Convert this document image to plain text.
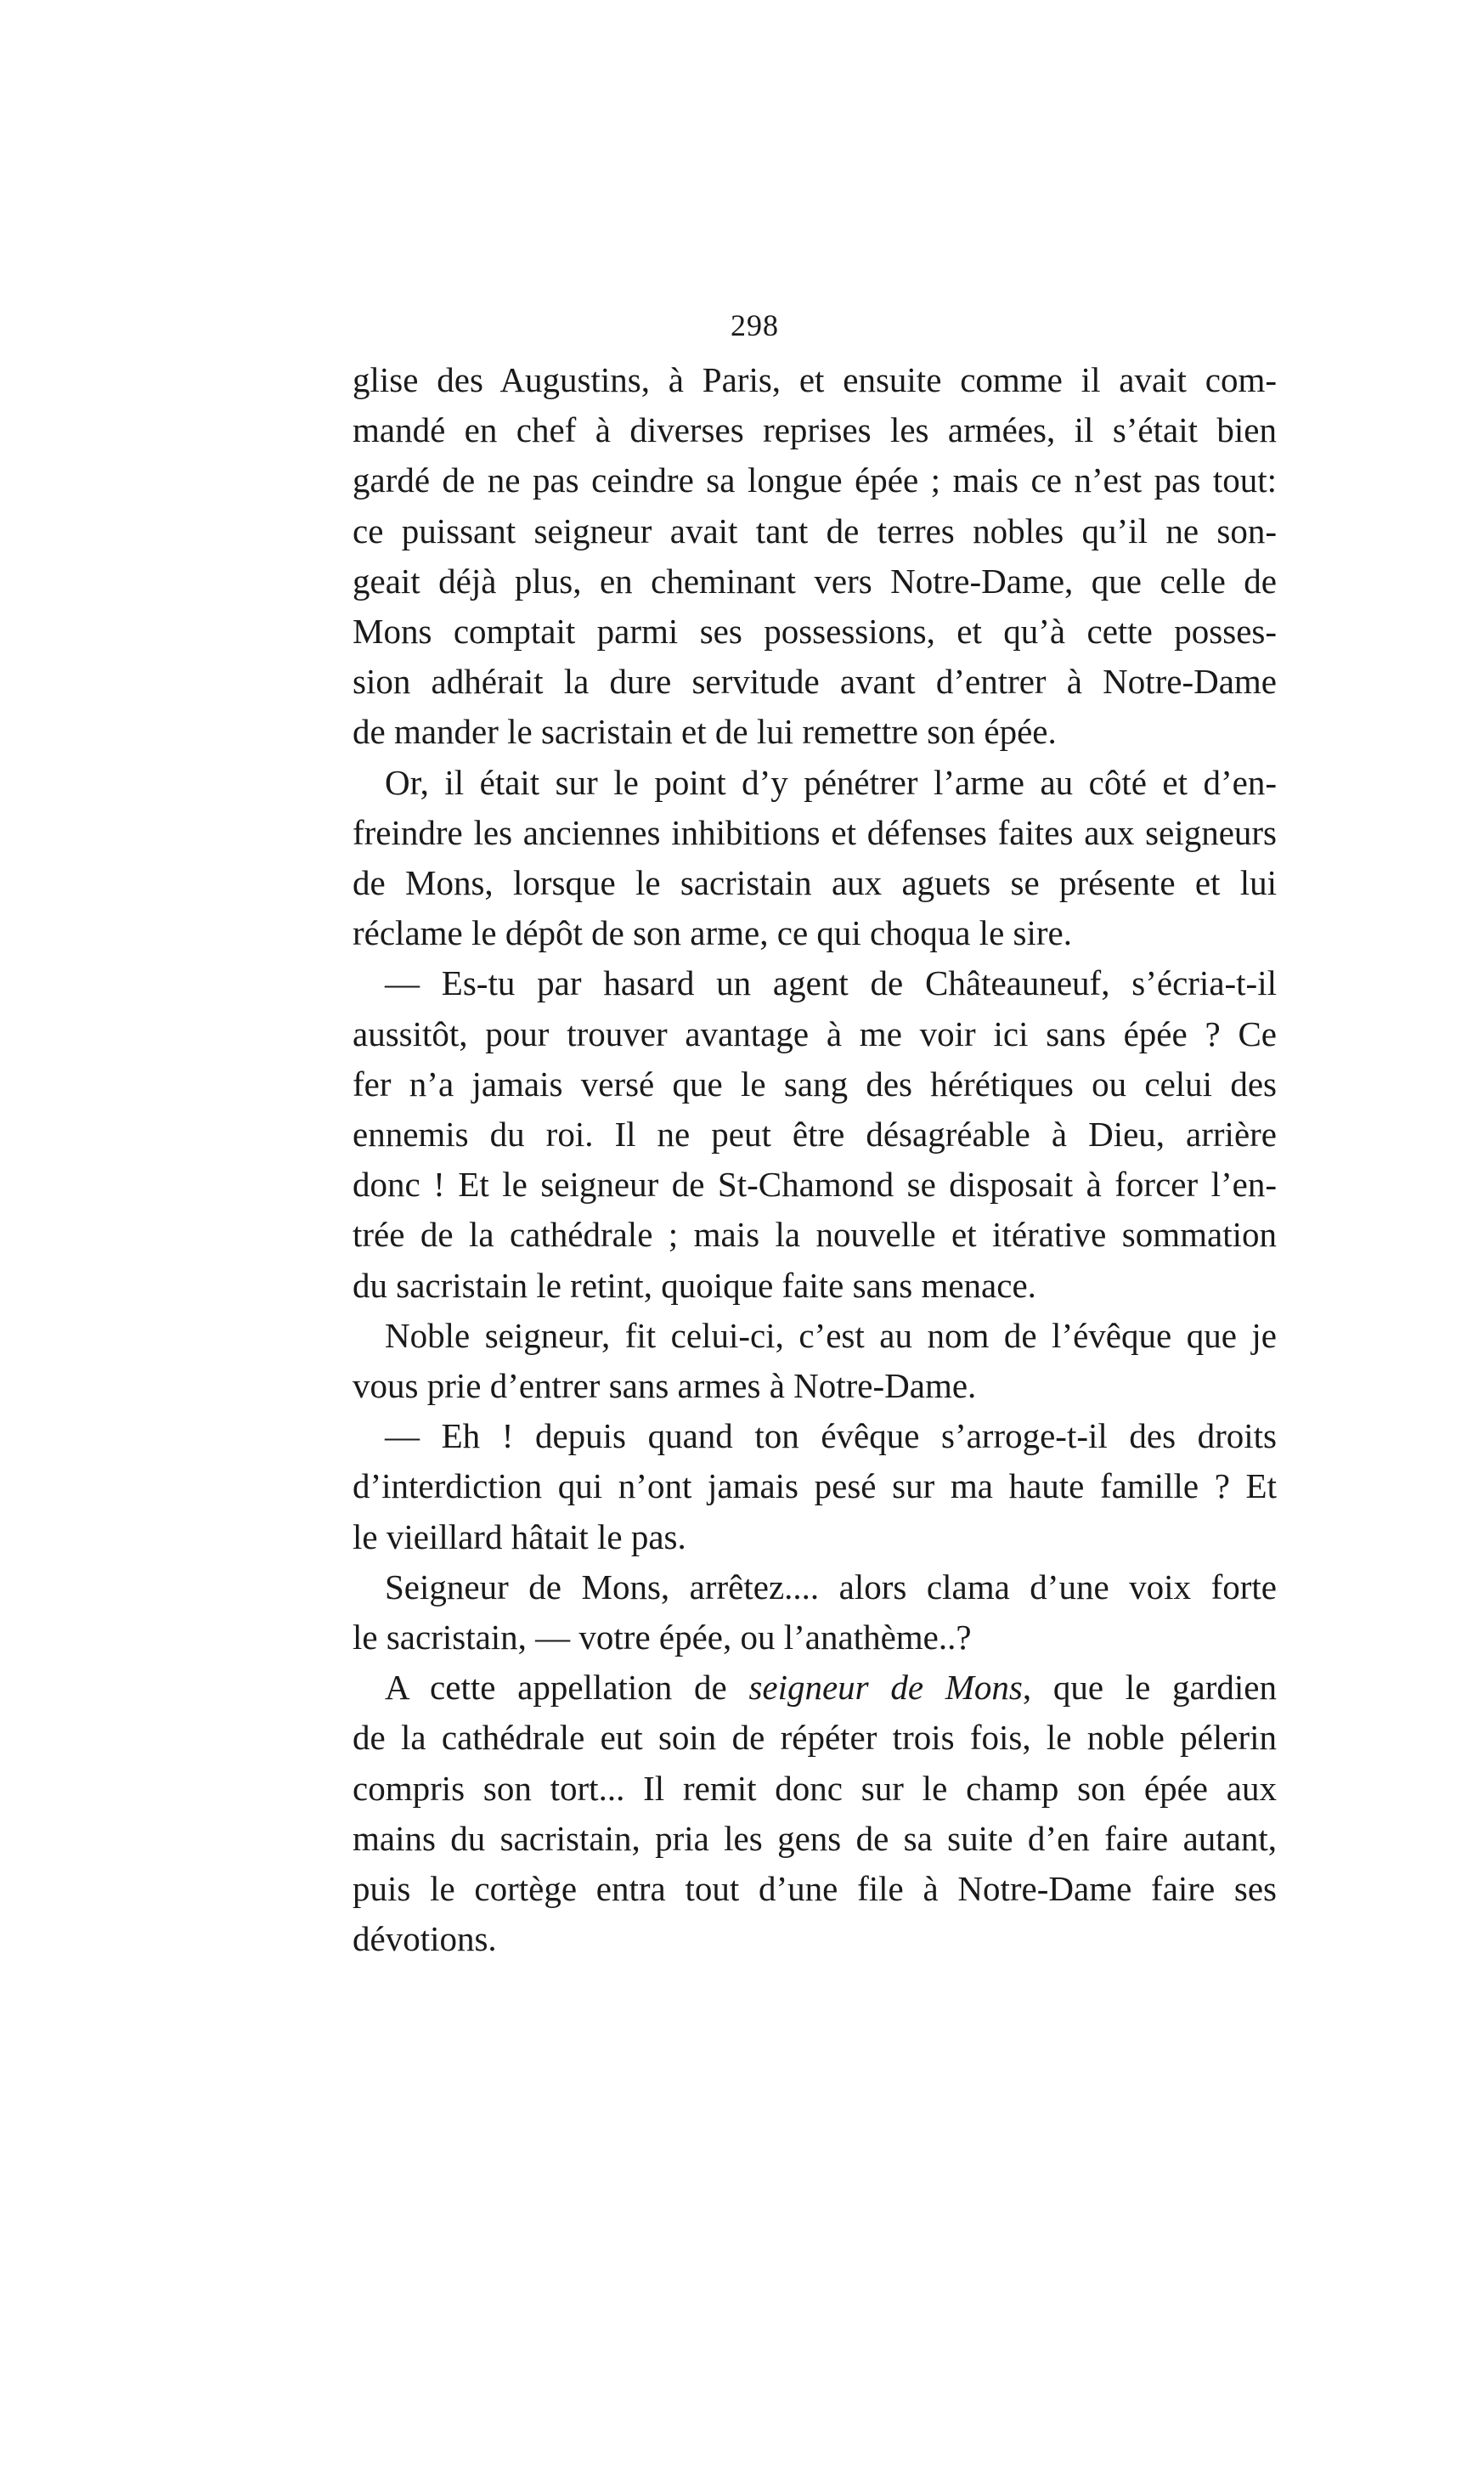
298

glise des Augustins, à Paris, et ensuite comme il avait com-
mandé en chef à diverses reprises les armées, il s’était bien
gardé de ne pas ceindre sa longue épée ; mais ce n’est pas tout:
ce puissant seigneur avait tant de terres nobles qu’il ne son-
geait déjà plus, en cheminant vers Notre-Dame, que celle de
Mons comptait parmi ses possessions, et qu’à cette posses-
sion adhérait la dure servitude avant d’entrer à Notre-Dame
de mander le sacristain et de lui remettre son épée.

Or, il était sur le point d’y pénétrer l’arme au côté et d’en-
freindre les anciennes inhibitions et défenses faites aux seigneurs
de Mons, lorsque le sacristain aux aguets se présente et lui
réclame le dépôt de son arme, ce qui choqua le sire.

— Es-tu par hasard un agent de Châteauneuf, s’écria-t-il
aussitôt, pour trouver avantage à me voir ici sans épée ? Ce
fer n’a jamais versé que le sang des hérétiques ou celui des
ennemis du roi. Il ne peut être désagréable à Dieu, arrière
donc ! Et le seigneur de St-Chamond se disposait à forcer l’en-
trée de la cathédrale ; mais la nouvelle et itérative sommation
du sacristain le retint, quoique faite sans menace.

Noble seigneur, fit celui-ci, c’est au nom de l’évêque que je
vous prie d’entrer sans armes à Notre-Dame.

— Eh ! depuis quand ton évêque s’arroge-t-il des droits
d’interdiction qui n’ont jamais pesé sur ma haute famille ? Et
le vieillard hâtait le pas.

Seigneur de Mons, arrêtez.... alors clama d’une voix forte
le sacristain, — votre épée, ou l’anathème..?

A cette appellation de seigneur de Mons, que le gardien
de la cathédrale eut soin de répéter trois fois, le noble pélerin
compris son tort... Il remit donc sur le champ son épée aux
mains du sacristain, pria les gens de sa suite d’en faire autant,
puis le cortège entra tout d’une file à Notre-Dame faire ses
dévotions.
